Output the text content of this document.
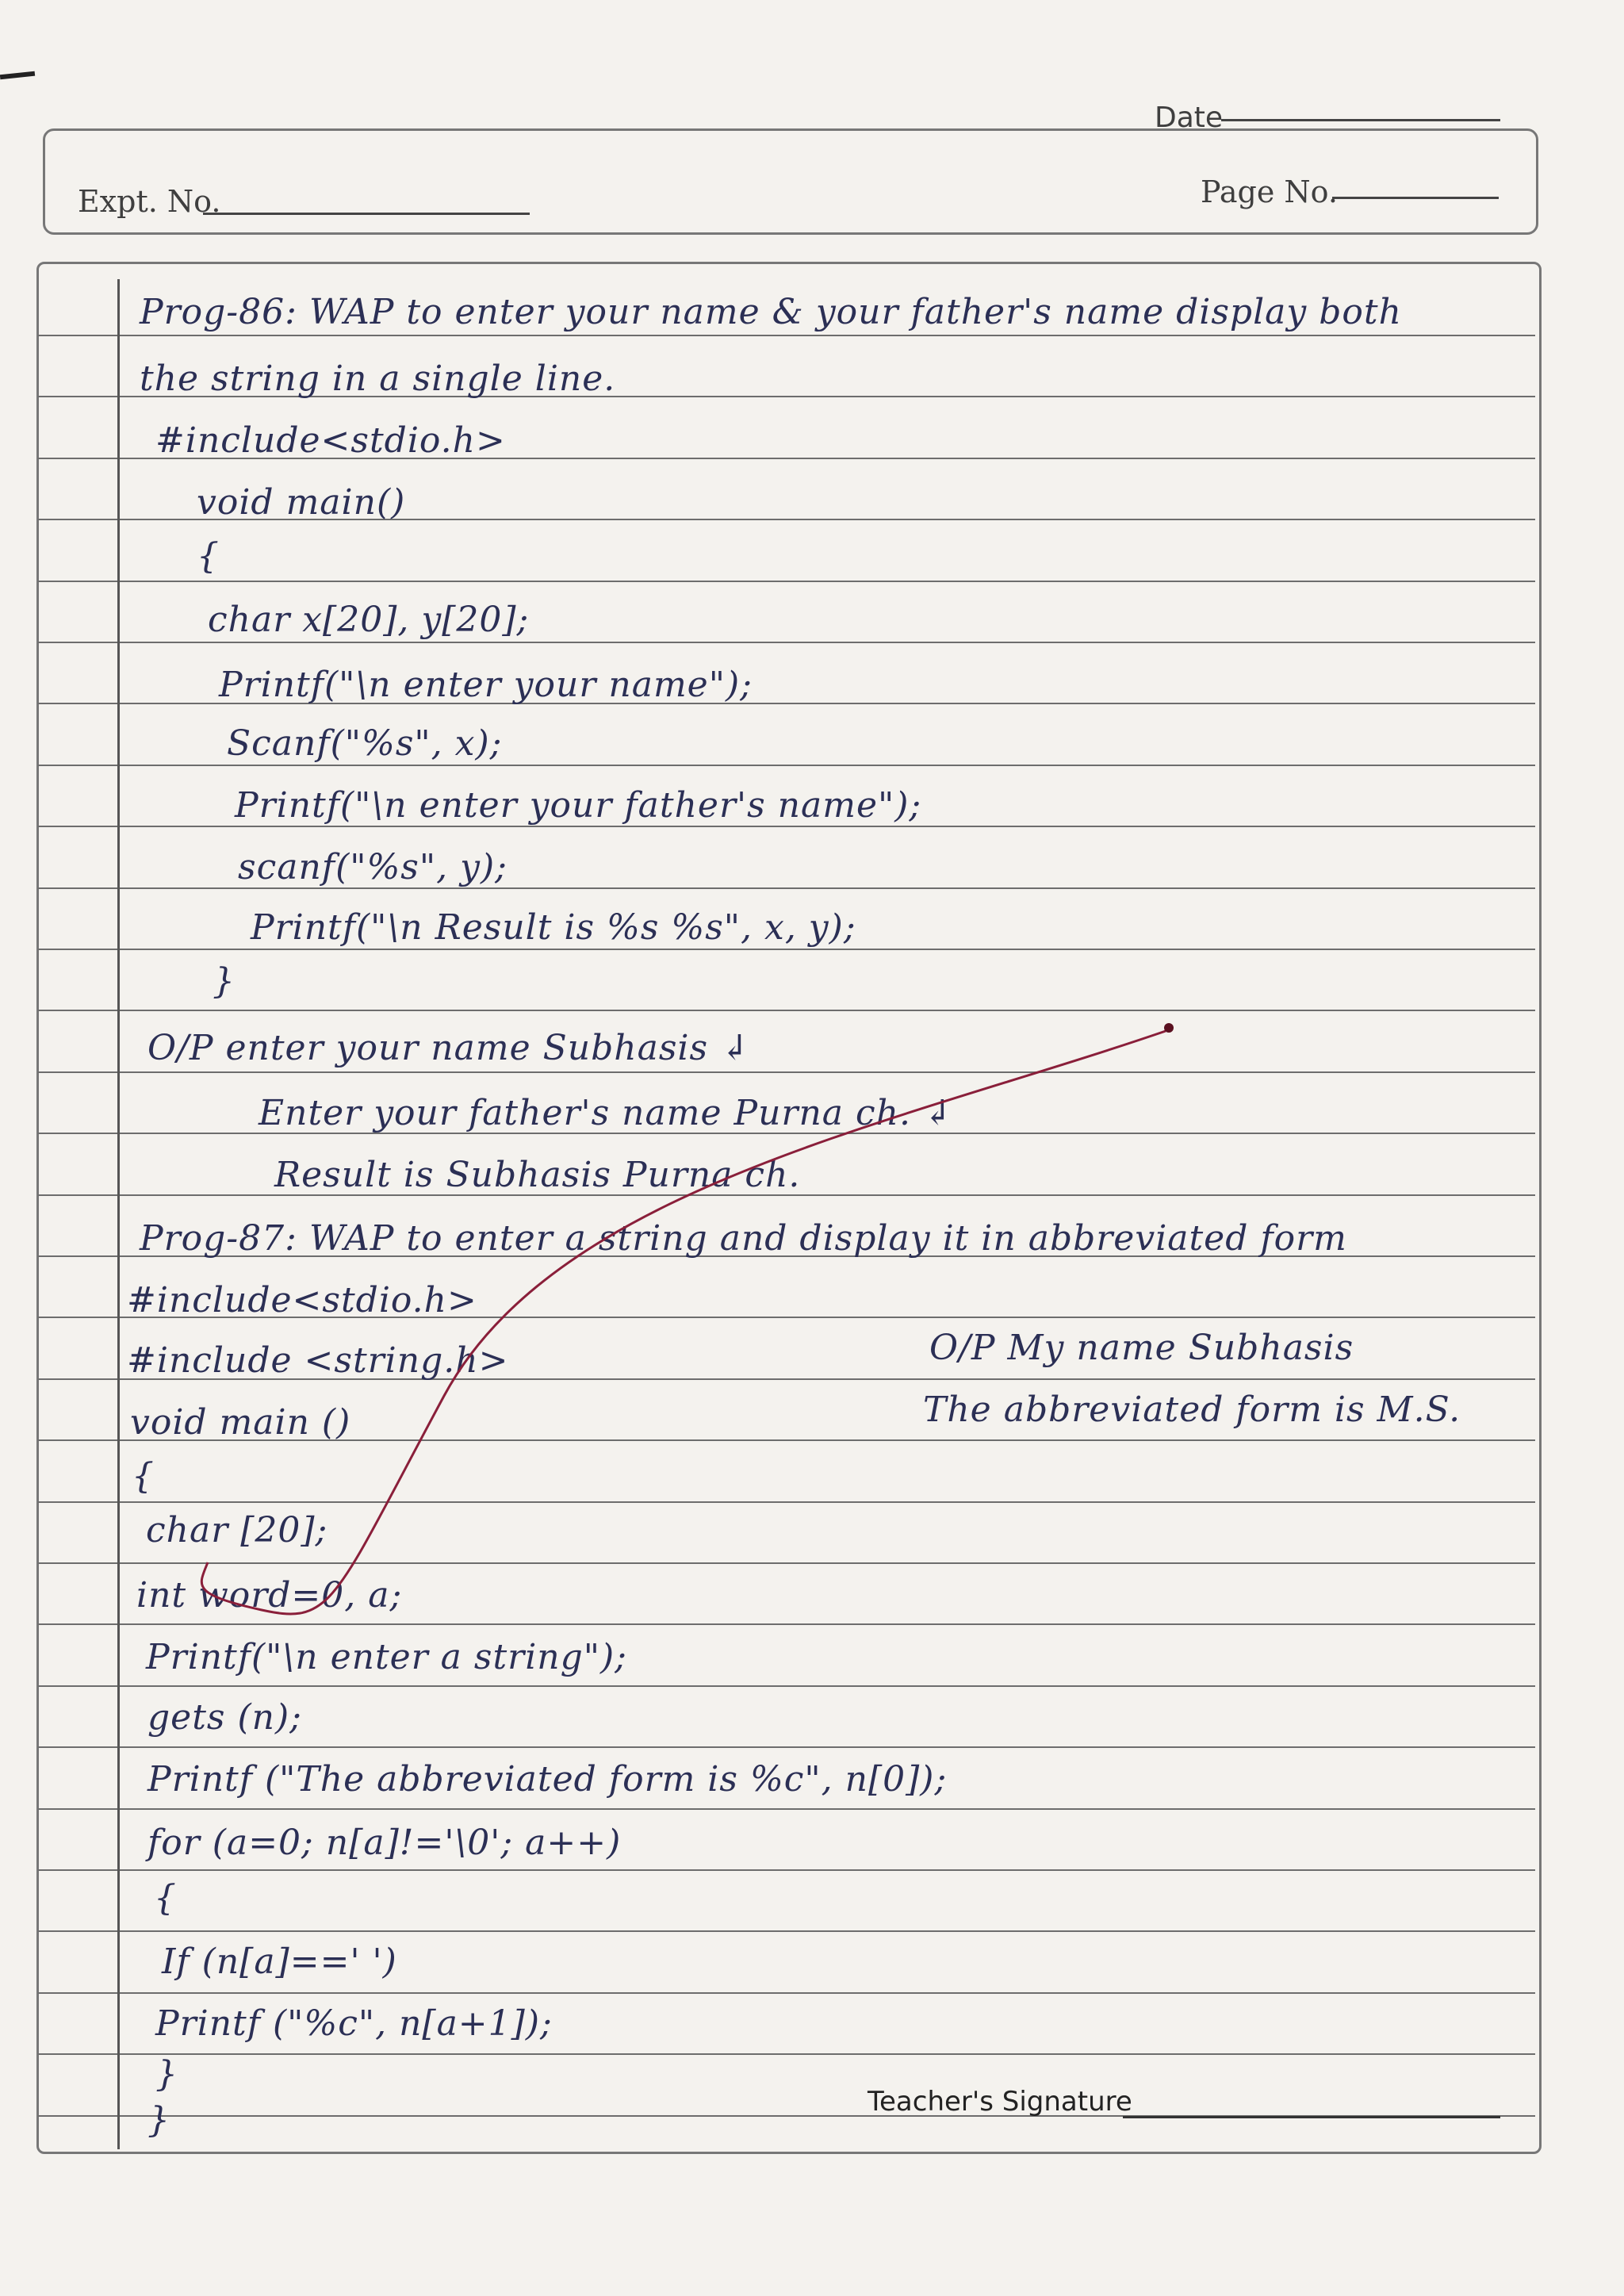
Date
Expt. No.	Page No.
Prog-86: WAP to enter your name & your father's name display both
the string in a single line.
#include<stdio.h>
void main()
{
char x[20], y[20];
Printf("\n enter your name");
Scanf("%s", x);
Printf("\n enter your father's name");
scanf("%s", y);
Printf("\n Result is %s %s", x, y);
}
O/P enter your name Subhasis ↲
Enter your father's name Purna ch. ↲
Result is Subhasis Purna ch.
Prog-87: WAP to enter a string and display it in abbreviated form
#include<stdio.h>
#include <string.h>
void main ()
{
char [20];
int word=0, a;
Printf("\n enter a string");
gets (n);
Printf ("The abbreviated form is %c", n[0]);
for (a=0; n[a]!='\0'; a++)
{
If (n[a]==' ')
Printf ("%c", n[a+1]);
}
}
O/P My name Subhasis
The abbreviated form is M.S.
Teacher's Signature
